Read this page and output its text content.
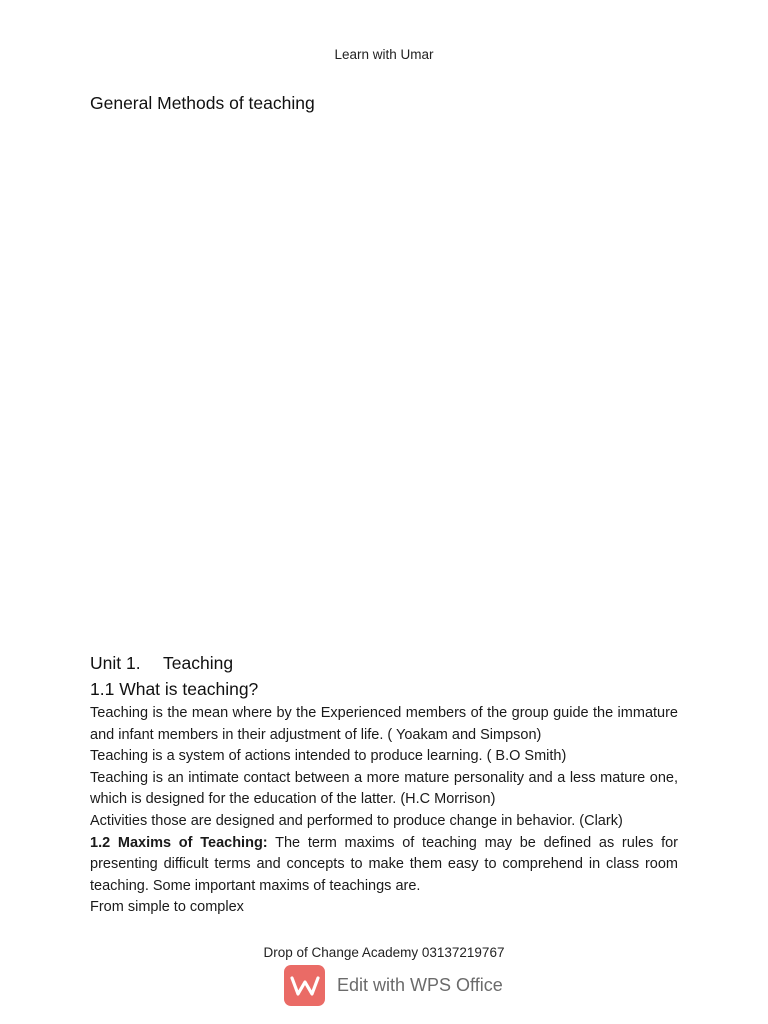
Learn with Umar
General Methods of teaching
Unit 1. Teaching
1.1 What is teaching?

Teaching is the mean where by the Experienced members of the group guide the immature and infant members in their adjustment of life. ( Yoakam and Simpson)

Teaching is a system of actions intended to produce learning. ( B.O Smith)

Teaching is an intimate contact between a more mature personality and a less mature one, which is designed for the education of the latter. (H.C Morrison)

Activities those are designed and performed to produce change in behavior. (Clark)

1.2 Maxims of Teaching: The term maxims of teaching may be defined as rules for presenting difficult terms and concepts to make them easy to comprehend in class room teaching. Some important maxims of teachings are.

From simple to complex

Drop of Change Academy 03137219767
Edit with WPS Office
